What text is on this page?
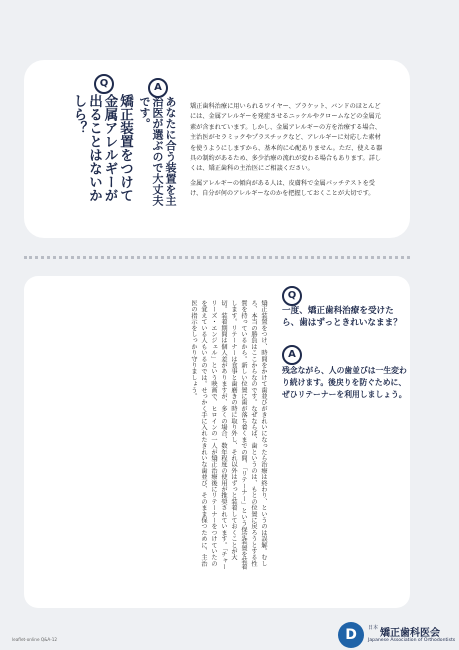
Q
矯正装置をつけて金属アレルギーが出ることはないかしら？
A
あなたに合う装置を主治医が選ぶので大丈夫です。	矯正歯科治療に用いられるワイヤー、ブラケット、バンドのほとんどには、金属アレルギーを発症させるニッケルやクロームなどの金属元素が含まれています。しかし、金属アレルギーの方を治療する場合、主治医がセラミックやプラスチックなど、アレルギーに対応した素材を使うようにしますから、基本的に心配ありません。ただ、使える器具の制約があるため、多少治療の流れが変わる場合もあります。詳しくは、矯正歯科の主治医にご相談ください。

金属アレルギーの傾向がある人は、皮膚科で金属パッチテストを受け、自分が何のアレルギーなのかを把握しておくことが大切です。

Q
一度、矯正歯科治療を受けたら、歯はずっときれいなまま？
A
残念ながら、人の歯並びは一生変わり続けます。後戻りを防ぐために、ぜひリテーナーを利用しましょう。
矯正装置をつけ、時間をかけて歯並びがきれいになったら治療は終わり、というのは誤解。むしろ、本当の勝負はここからなのです。なぜならば、歯というのは、もとの位置に戻ろうとする性質を持っているから。新しい位置に歯が落ち着くまでの間、「リテーナー」という保定装置を装着します。リテーナーは食事と歯磨きの時に取り外し、それ以外はずっと装着しておくことが大切。装着期間は個人差がありますが、多くの場合、数年程度の使用が推奨されています。「チャーリーズ・エンジェル」という映画で、ヒロインの一人が矯正治療後にリテーナーをつけていたのを覚えている人もいるのでは。せっかく手に入れたきれいな歯並び、そのまま保つために、主治医の指示をしっかり守りましょう。
D	日本 矯正歯科医会
Japanese Association of Orthodontists
leaflet-online Q&A-12
